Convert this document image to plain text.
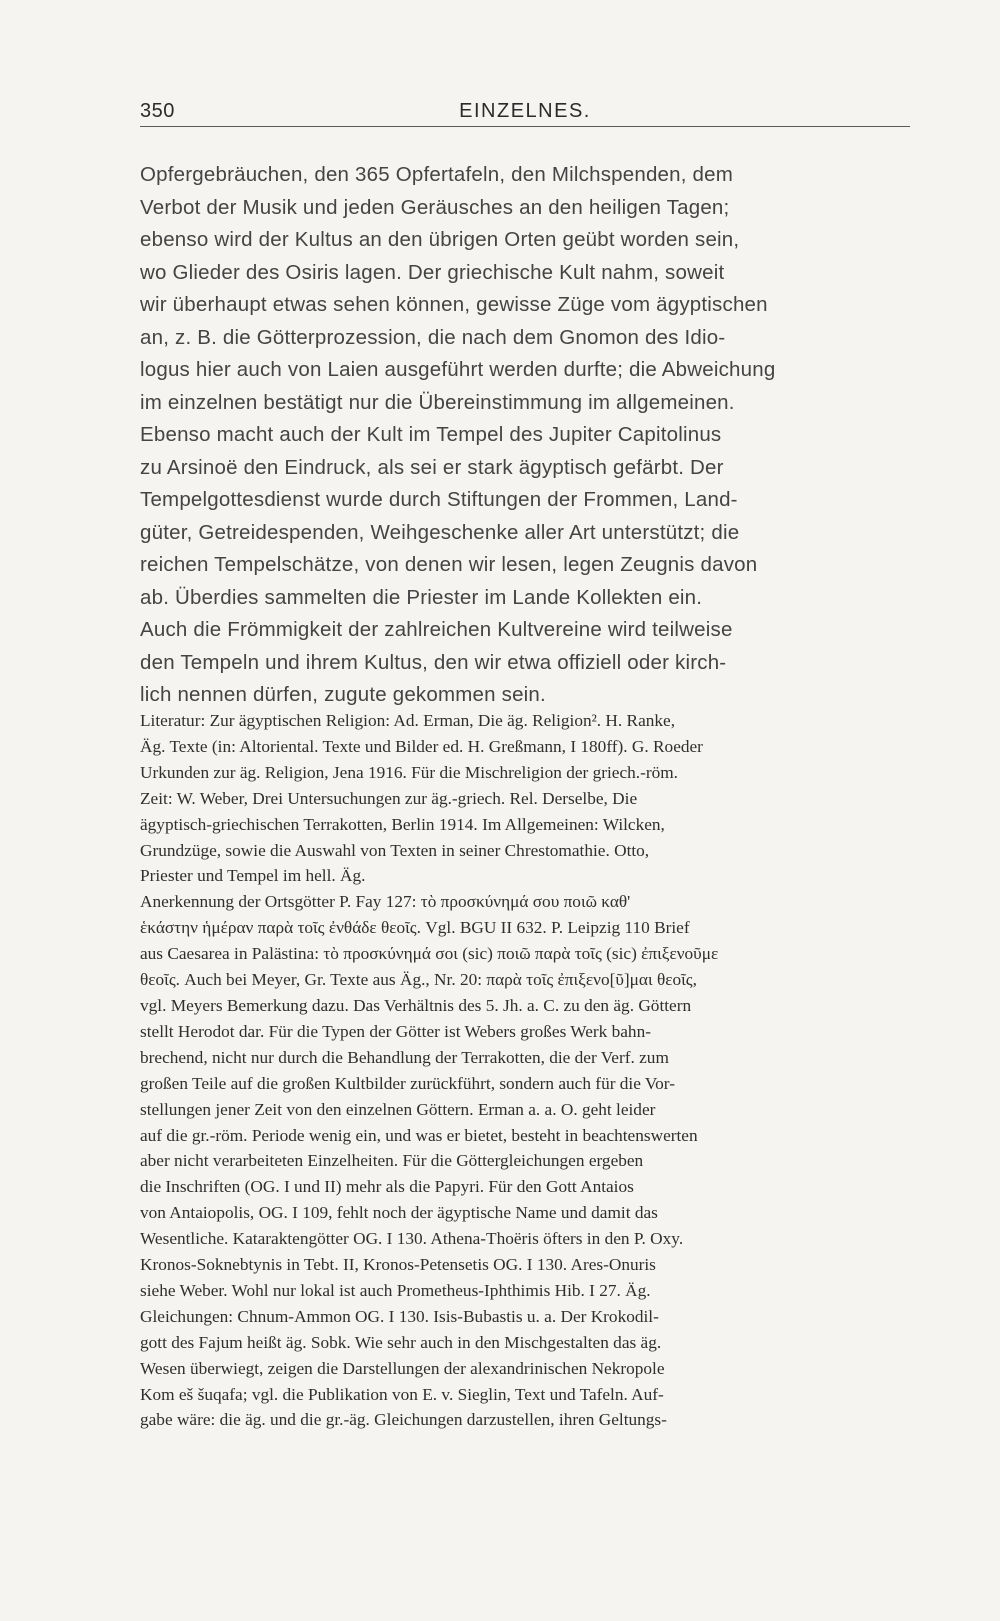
350	EINZELNES.
Opfergebräuchen, den 365 Opfertafeln, den Milchspenden, dem
Verbot der Musik und jeden Geräusches an den heiligen Tagen;
ebenso wird der Kultus an den übrigen Orten geübt worden sein,
wo Glieder des Osiris lagen. Der griechische Kult nahm, soweit
wir überhaupt etwas sehen können, gewisse Züge vom ägyptischen
an, z. B. die Götterprozession, die nach dem Gnomon des Idio-
logus hier auch von Laien ausgeführt werden durfte; die Abweichung
im einzelnen bestätigt nur die Übereinstimmung im allgemeinen.
Ebenso macht auch der Kult im Tempel des Jupiter Capitolinus
zu Arsinoë den Eindruck, als sei er stark ägyptisch gefärbt. Der
Tempelgottesdienst wurde durch Stiftungen der Frommen, Land-
güter, Getreidespenden, Weihgeschenke aller Art unterstützt; die
reichen Tempelschätze, von denen wir lesen, legen Zeugnis davon
ab. Überdies sammelten die Priester im Lande Kollekten ein.
Auch die Frömmigkeit der zahlreichen Kultvereine wird teilweise
den Tempeln und ihrem Kultus, den wir etwa offiziell oder kirch-
lich nennen dürfen, zugute gekommen sein.
Literatur: Zur ägyptischen Religion: Ad. Erman, Die äg. Religion². H. Ranke,
Äg. Texte (in: Altoriental. Texte und Bilder ed. H. Greßmann, I 180ff). G. Roeder
Urkunden zur äg. Religion, Jena 1916. Für die Mischreligion der griech.-röm.
Zeit: W. Weber, Drei Untersuchungen zur äg.-griech. Rel. Derselbe, Die
ägyptisch-griechischen Terrakotten, Berlin 1914. Im Allgemeinen: Wilcken,
Grundzüge, sowie die Auswahl von Texten in seiner Chrestomathie. Otto,
Priester und Tempel im hell. Äg.
Anerkennung der Ortsgötter P. Fay 127: τὸ προσκύνημά σου ποιῶ καθ'
ἑκάστην ἡμέραν παρὰ τοῖς ἐνθάδε θεοῖς. Vgl. BGU II 632. P. Leipzig 110 Brief
aus Caesarea in Palästina: τὸ προσκύνημά σοι (sic) ποιῶ παρὰ τοῖς (sic) ἐπιξενοῦμε
θεοῖς. Auch bei Meyer, Gr. Texte aus Äg., Nr. 20: παρὰ τοῖς ἐπιξενο[ῦ]μαι θεοῖς,
vgl. Meyers Bemerkung dazu. Das Verhältnis des 5. Jh. a. C. zu den äg. Göttern
stellt Herodot dar. Für die Typen der Götter ist Webers großes Werk bahn-
brechend, nicht nur durch die Behandlung der Terrakotten, die der Verf. zum
großen Teile auf die großen Kultbilder zurückführt, sondern auch für die Vor-
stellungen jener Zeit von den einzelnen Göttern. Erman a. a. O. geht leider
auf die gr.-röm. Periode wenig ein, und was er bietet, besteht in beachtenswerten
aber nicht verarbeiteten Einzelheiten. Für die Göttergleichungen ergeben
die Inschriften (OG. I und II) mehr als die Papyri. Für den Gott Antaios
von Antaiopolis, OG. I 109, fehlt noch der ägyptische Name und damit das
Wesentliche. Kataraktengötter OG. I 130. Athena-Thoëris öfters in den P. Oxy.
Kronos-Soknebtynis in Tebt. II, Kronos-Petensetis OG. I 130. Ares-Onuris
siehe Weber. Wohl nur lokal ist auch Prometheus-Iphthimis Hib. I 27. Äg.
Gleichungen: Chnum-Ammon OG. I 130. Isis-Bubastis u. a. Der Krokodil-
gott des Fajum heißt äg. Sobk. Wie sehr auch in den Mischgestalten das äg.
Wesen überwiegt, zeigen die Darstellungen der alexandrinischen Nekropole
Kom eš šuqafa; vgl. die Publikation von E. v. Sieglin, Text und Tafeln. Auf-
gabe wäre: die äg. und die gr.-äg. Gleichungen darzustellen, ihren Geltungs-
